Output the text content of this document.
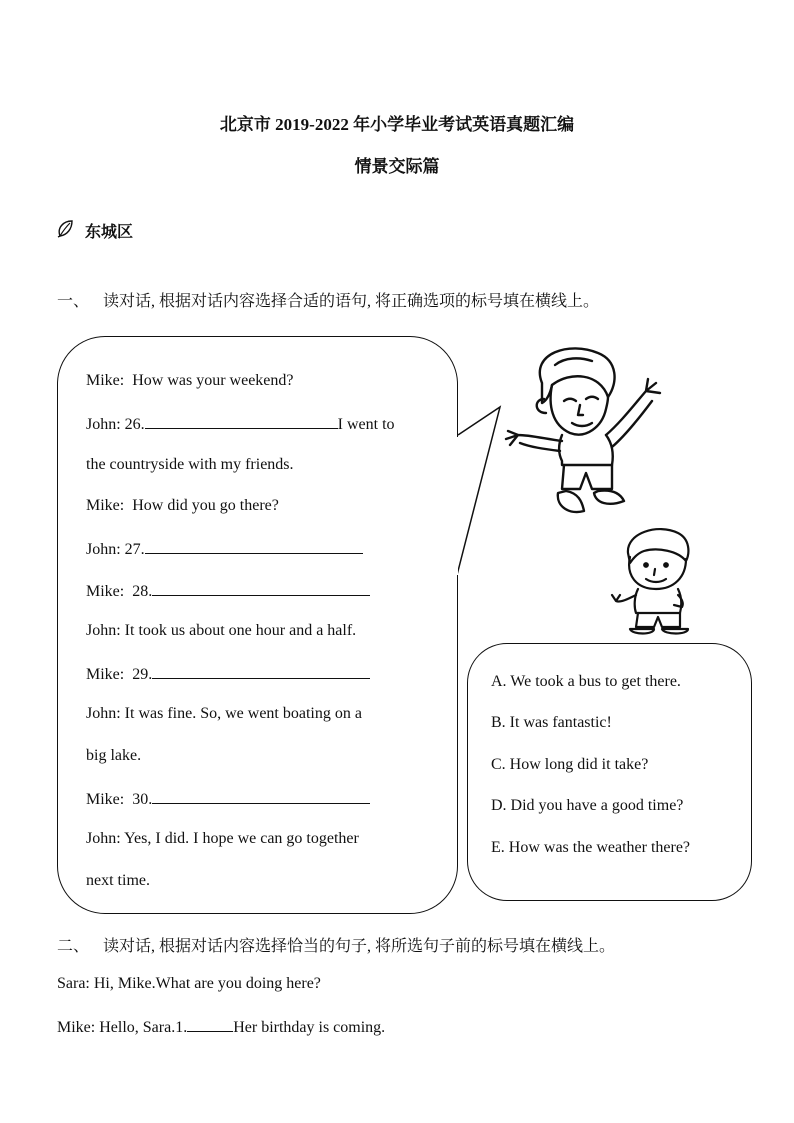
北京市 2019-2022 年小学毕业考试英语真题汇编
情景交际篇
东城区
一、 读对话, 根据对话内容选择合适的语句, 将正确选项的标号填在横线上。
Mike: How was your weekend?
John: 26.	I went to
the countryside with my friends.
Mike: How did you go there?
John: 27.
Mike: 28.
John: It took us about one hour and a half.
Mike: 29.
John: It was fine. So, we went boating on a
big lake.
Mike: 30.
John: Yes, I did. I hope we can go together
next time.
A. We took a bus to get there.
B. It was fantastic!
C. How long did it take?
D. Did you have a good time?
E. How was the weather there?
二、 读对话, 根据对话内容选择恰当的句子, 将所选句子前的标号填在横线上。
Sara: Hi, Mike.What are you doing here?
Mike: Hello, Sara.1.	Her birthday is coming.
